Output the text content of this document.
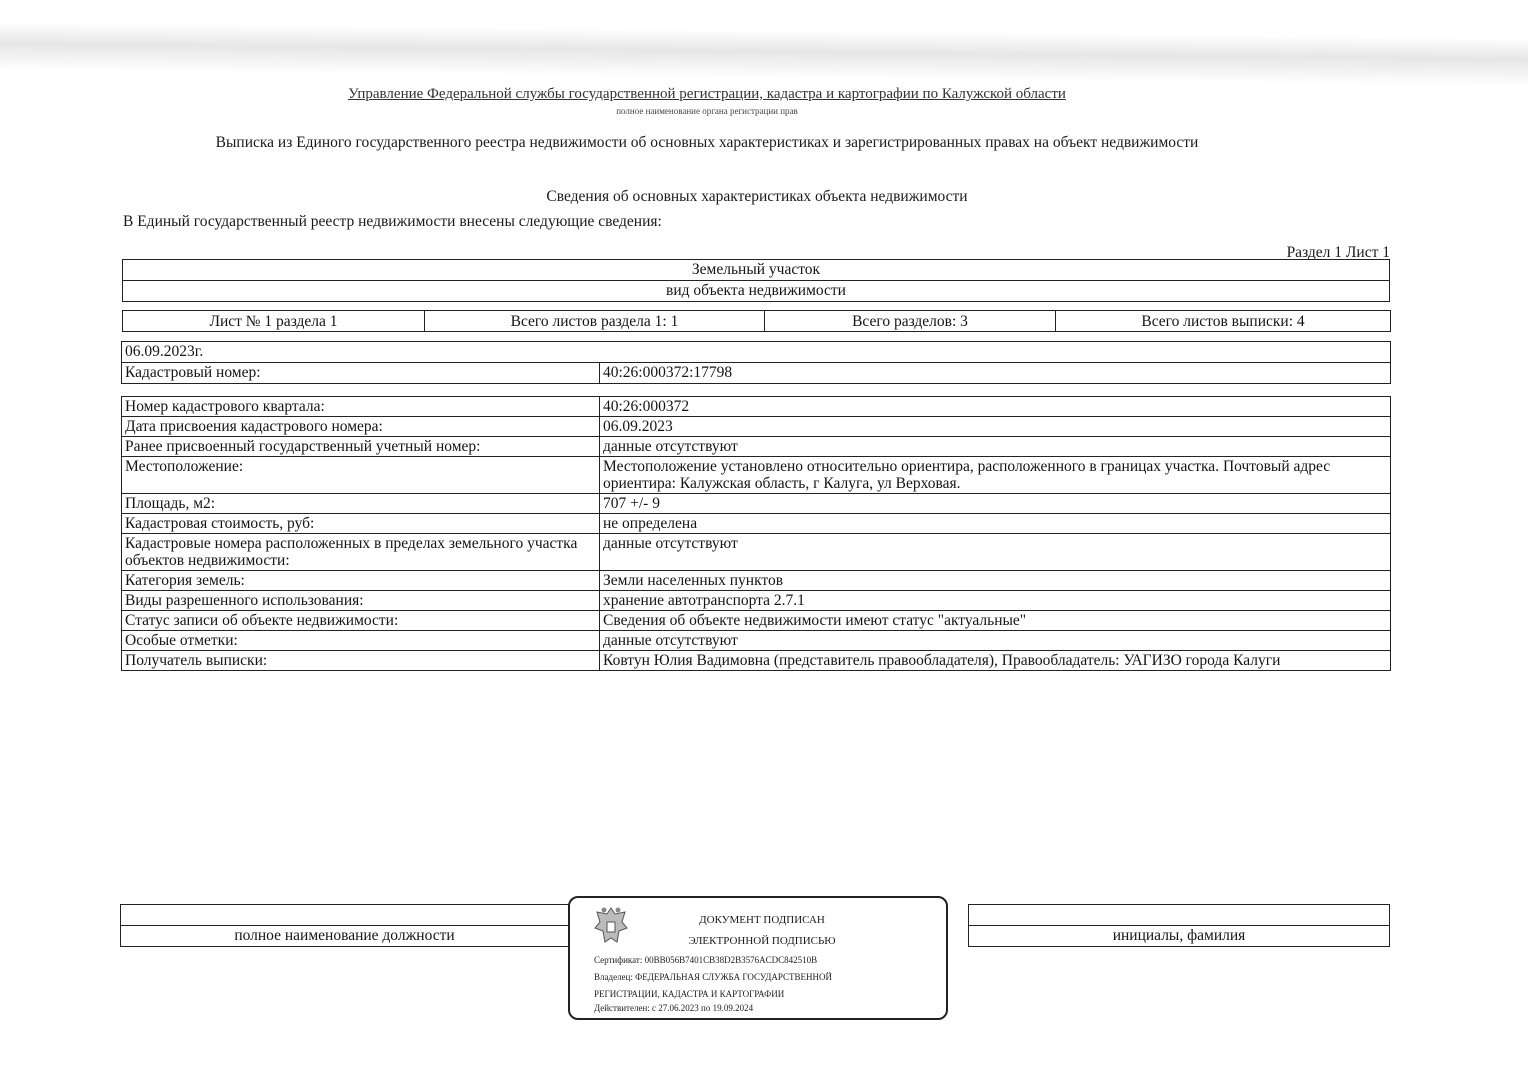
Управление Федеральной службы государственной регистрации, кадастра и картографии по Калужской области
полное наименование органа регистрации прав
Выписка из Единого государственного реестра недвижимости об основных характеристиках и зарегистрированных правах на объект недвижимости
Сведения об основных характеристиках объекта недвижимости
В Единый государственный реестр недвижимости внесены следующие сведения:
Раздел 1 Лист 1
Земельный участок
вид объекта недвижимости
Лист № 1 раздела 1	Всего листов раздела 1: 1	Всего разделов: 3	Всего листов выписки: 4
06.09.2023г.
Кадастровый номер:	40:26:000372:17798
Номер кадастрового квартала:	40:26:000372
Дата присвоения кадастрового номера:	06.09.2023
Ранее присвоенный государственный учетный номер:	данные отсутствуют
Местоположение:	Местоположение установлено относительно ориентира, расположенного в границах участка. Почтовый адрес ориентира: Калужская область, г Калуга, ул Верховая.
Площадь, м2:	707 +/- 9
Кадастровая стоимость, руб:	не определена
Кадастровые номера расположенных в пределах земельного участка объектов недвижимости:	данные отсутствуют
Категория земель:	Земли населенных пунктов
Виды разрешенного использования:	хранение автотранспорта 2.7.1
Статус записи об объекте недвижимости:	Сведения об объекте недвижимости имеют статус "актуальные"
Особые отметки:	данные отсутствуют
Получатель выписки:	Ковтун Юлия Вадимовна (представитель правообладателя), Правообладатель: УАГИЗО города Калуги

полное наименование должности		инициалы, фамилия
ДОКУМЕНТ ПОДПИСАН
ЭЛЕКТРОННОЙ ПОДПИСЬЮ
Сертификат: 00BB056B7401CB38D2B3576ACDC842510B
Владелец: ФЕДЕРАЛЬНАЯ СЛУЖБА ГОСУДАРСТВЕННОЙ
РЕГИСТРАЦИИ, КАДАСТРА И КАРТОГРАФИИ
Действителен: с 27.06.2023 по 19.09.2024
